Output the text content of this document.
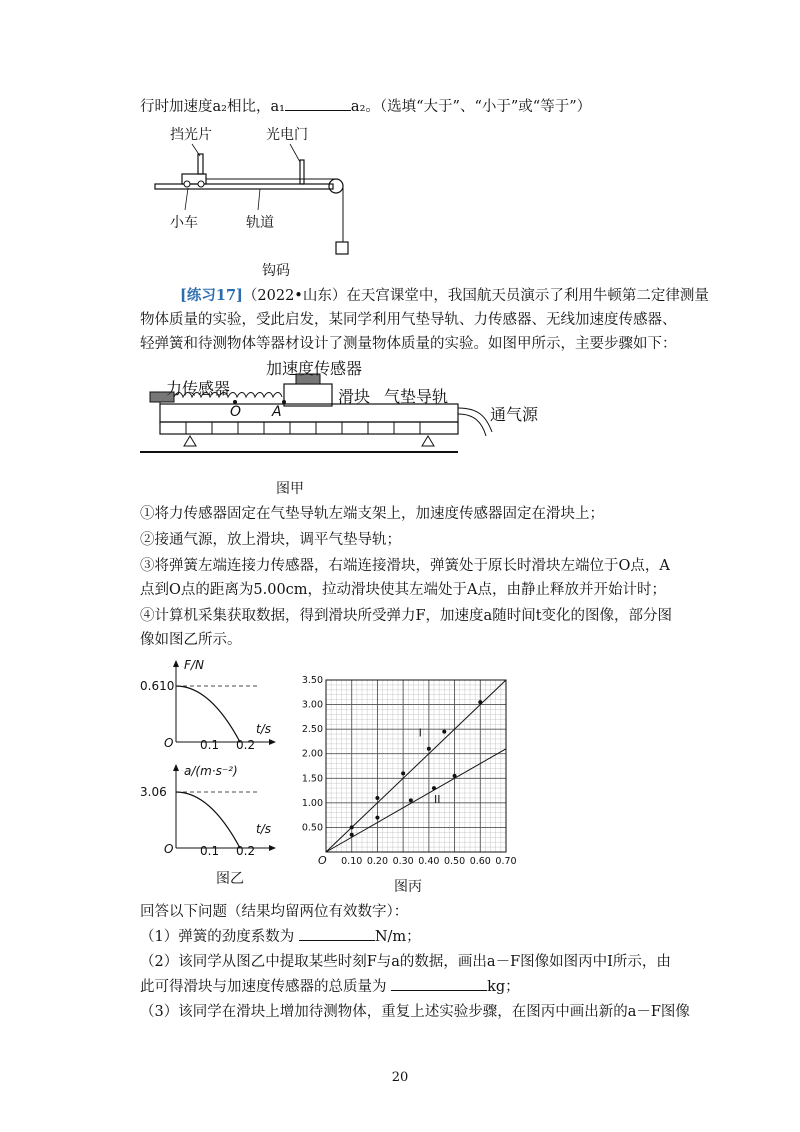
行时加速度a₂相比，a₁	a₂。（选填“大于”、“小于”或“等于”）
挡光片	光电门
小车	轨道
钩码
[练习17]（2022•山东）在天宫课堂中，我国航天员演示了利用牛顿第二定律测量
物体质量的实验，受此启发，某同学利用气垫导轨、力传感器、无线加速度传感器、
轻弹簧和待测物体等器材设计了测量物体质量的实验。如图甲所示，主要步骤如下：
加速度传感器
力传感器	滑块 气垫导轨
通气源
O A
图甲
①将力传感器固定在气垫导轨左端支架上，加速度传感器固定在滑块上；
②接通气源，放上滑块，调平气垫导轨；
③将弹簧左端连接力传感器，右端连接滑块，弹簧处于原长时滑块左端位于O点，A
点到O点的距离为5.00cm，拉动滑块使其左端处于A点，由静止释放并开始计时；
④计算机采集获取数据，得到滑块所受弹力F，加速度a随时间t变化的图像，部分图
像如图乙所示。
F/N
0.610
t/s
O 0.1 0.2
a/(m·s⁻²)
3.06
t/s
O 0.1 0.2
图乙
0.10 0.20 0.30 0.40 0.50 0.60 0.70
0.50
1.00
1.50
2.00
2.50
3.00
3.50
O
I
II
图丙
回答以下问题（结果均留两位有效数字）：
（1）弹簧的劲度系数为	N/m；
（2）该同学从图乙中提取某些时刻F与a的数据，画出a－F图像如图丙中I所示，由
此可得滑块与加速度传感器的总质量为	kg；
（3）该同学在滑块上增加待测物体，重复上述实验步骤，在图丙中画出新的a－F图像
20
